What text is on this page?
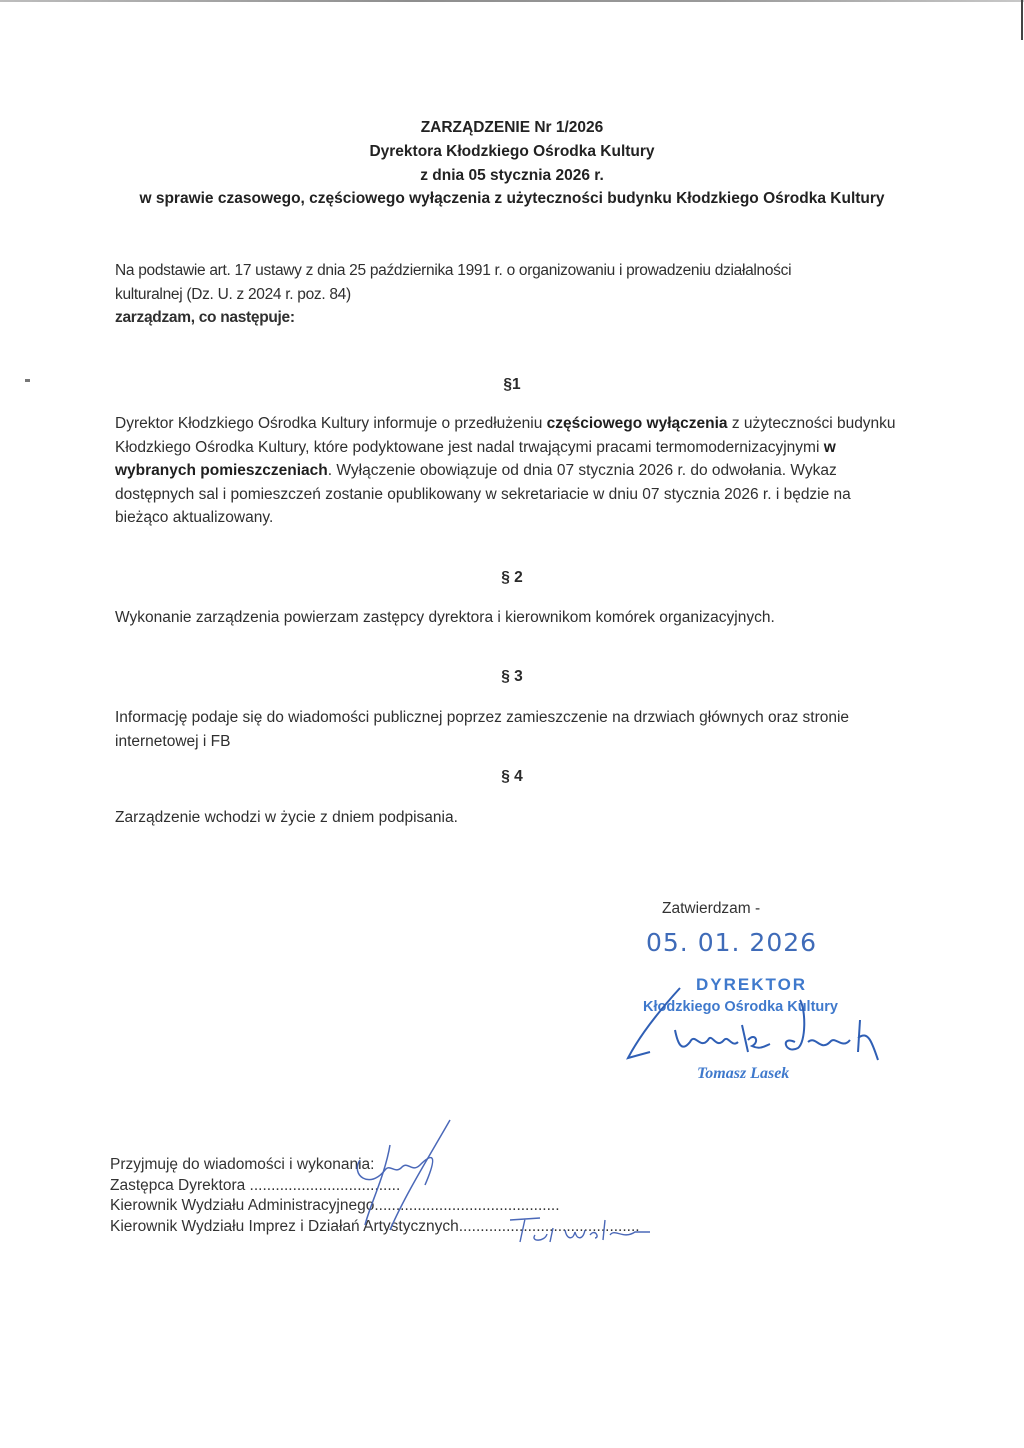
ZARZĄDZENIE Nr 1/2026
Dyrektora Kłodzkiego Ośrodka Kultury
z dnia 05 stycznia 2026 r.
w sprawie czasowego, częściowego wyłączenia z użyteczności budynku Kłodzkiego Ośrodka Kultury
Na podstawie art. 17 ustawy z dnia 25 października 1991 r. o organizowaniu i prowadzeniu działalności
kulturalnej (Dz. U. z 2024 r. poz. 84)
zarządzam, co następuje:
§1
Dyrektor Kłodzkiego Ośrodka Kultury informuje o przedłużeniu częściowego wyłączenia z użyteczności budynku Kłodzkiego Ośrodka Kultury, które podyktowane jest nadal trwającymi pracami termomodernizacyjnymi w wybranych pomieszczeniach. Wyłączenie obowiązuje od dnia 07 stycznia 2026 r. do odwołania. Wykaz dostępnych sal i pomieszczeń zostanie opublikowany w sekretariacie w dniu 07 stycznia 2026 r. i będzie na bieżąco aktualizowany.
§ 2
Wykonanie zarządzenia powierzam zastępcy dyrektora i kierownikom komórek organizacyjnych.
§ 3
Informację podaje się do wiadomości publicznej poprzez zamieszczenie na drzwiach głównych oraz stronie internetowej i FB
§ 4
Zarządzenie wchodzi w życie z dniem podpisania.
Zatwierdzam -
05. 01. 2026
DYREKTOR
Kłodzkiego Ośrodka Kultury
Tomasz Lasek
Przyjmuję do wiadomości i wykonania:
Zastępca Dyrektora ...................................
Kierownik Wydziału Administracyjnego...........................................
Kierownik Wydziału Imprez i Działań Artystycznych..........................................
